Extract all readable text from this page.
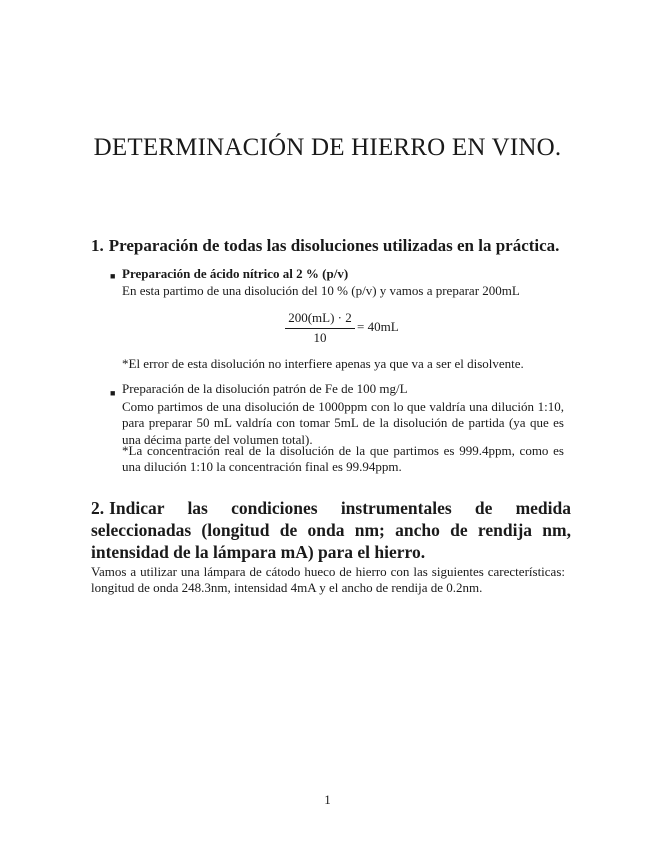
DETERMINACIÓN DE HIERRO EN VINO.
1. Preparación de todas las disoluciones utilizadas en la práctica.
■ Preparación de ácido nítrico al 2 % (p/v)

En esta partimo de una disolución del 10 % (p/v) y vamos a preparar 200mL

200(mL) · 2
10
= 40mL

*El error de esta disolución no interfiere apenas ya que va a ser el disolvente.

■ Preparación de la disolución patrón de Fe de 100 mg/L

Como partimos de una disolución de 1000ppm con lo que valdría una dilución 1:10, para preparar 50 mL valdría con tomar 5mL de la disolución de partida (ya que es una décima parte del volumen total).

*La concentración real de la disolución de la que partimos es 999.4ppm, como es una dilución 1:10 la concentración final es 99.94ppm.

2. Indicar las condiciones instrumentales de medida seleccionadas (longitud de onda nm; ancho de rendija nm, intensidad de la lámpara mA) para el hierro.

Vamos a utilizar una lámpara de cátodo hueco de hierro con las siguientes carecterísticas: longitud de onda 248.3nm, intensidad 4mA y el ancho de rendija de 0.2nm.

1
